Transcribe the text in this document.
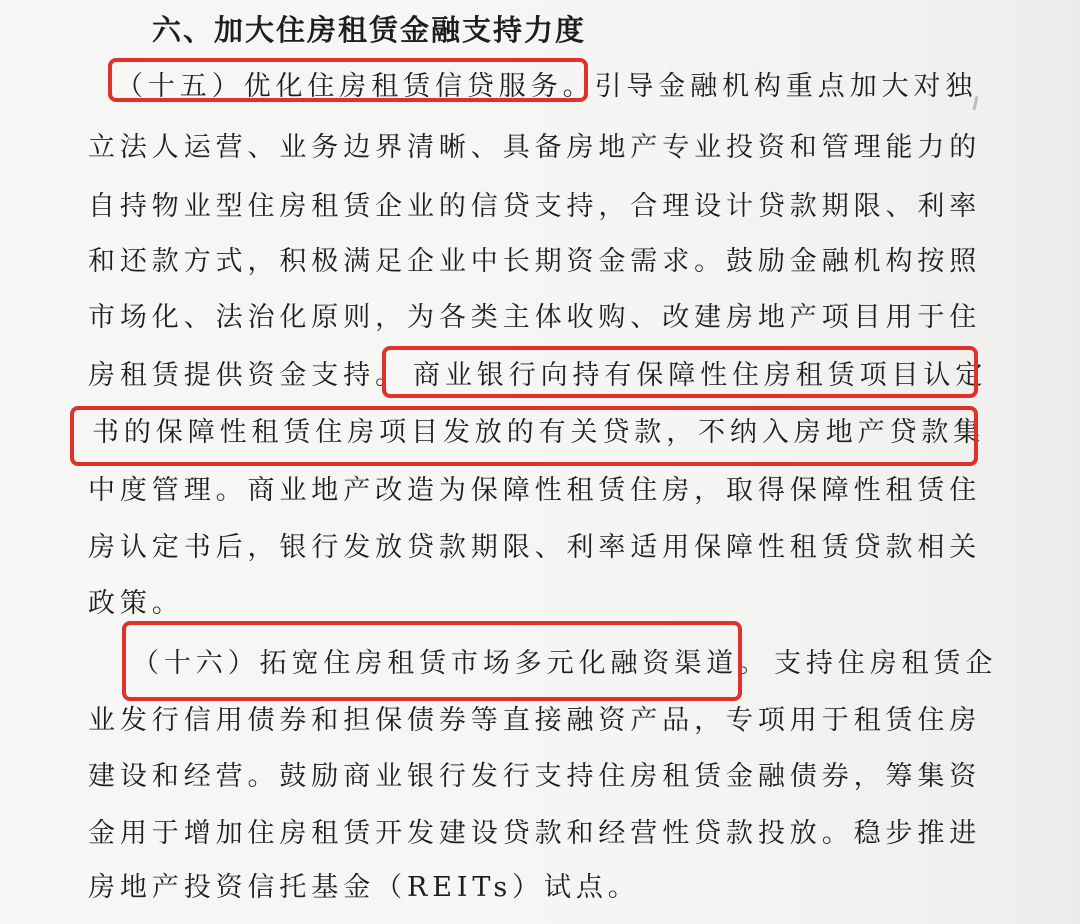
六、加大住房租赁金融支持力度
（十五）优化住房租赁信贷服务。引导金融机构重点加大对独
立法人运营、业务边界清晰、具备房地产专业投资和管理能力的
自持物业型住房租赁企业的信贷支持，合理设计贷款期限、利率
和还款方式，积极满足企业中长期资金需求。鼓励金融机构按照
市场化、法治化原则，为各类主体收购、改建房地产项目用于住
房租赁提供资金支持。 商业银行向持有保障性住房租赁项目认定
书的保障性租赁住房项目发放的有关贷款，不纳入房地产贷款集
中度管理。商业地产改造为保障性租赁住房，取得保障性租赁住
房认定书后，银行发放贷款期限、利率适用保障性租赁贷款相关
政策。
（十六）拓宽住房租赁市场多元化融资渠道。 支持住房租赁企
业发行信用债券和担保债券等直接融资产品，专项用于租赁住房
建设和经营。鼓励商业银行发行支持住房租赁金融债券，筹集资
金用于增加住房租赁开发建设贷款和经营性贷款投放。稳步推进
房地产投资信托基金（REITs）试点。
